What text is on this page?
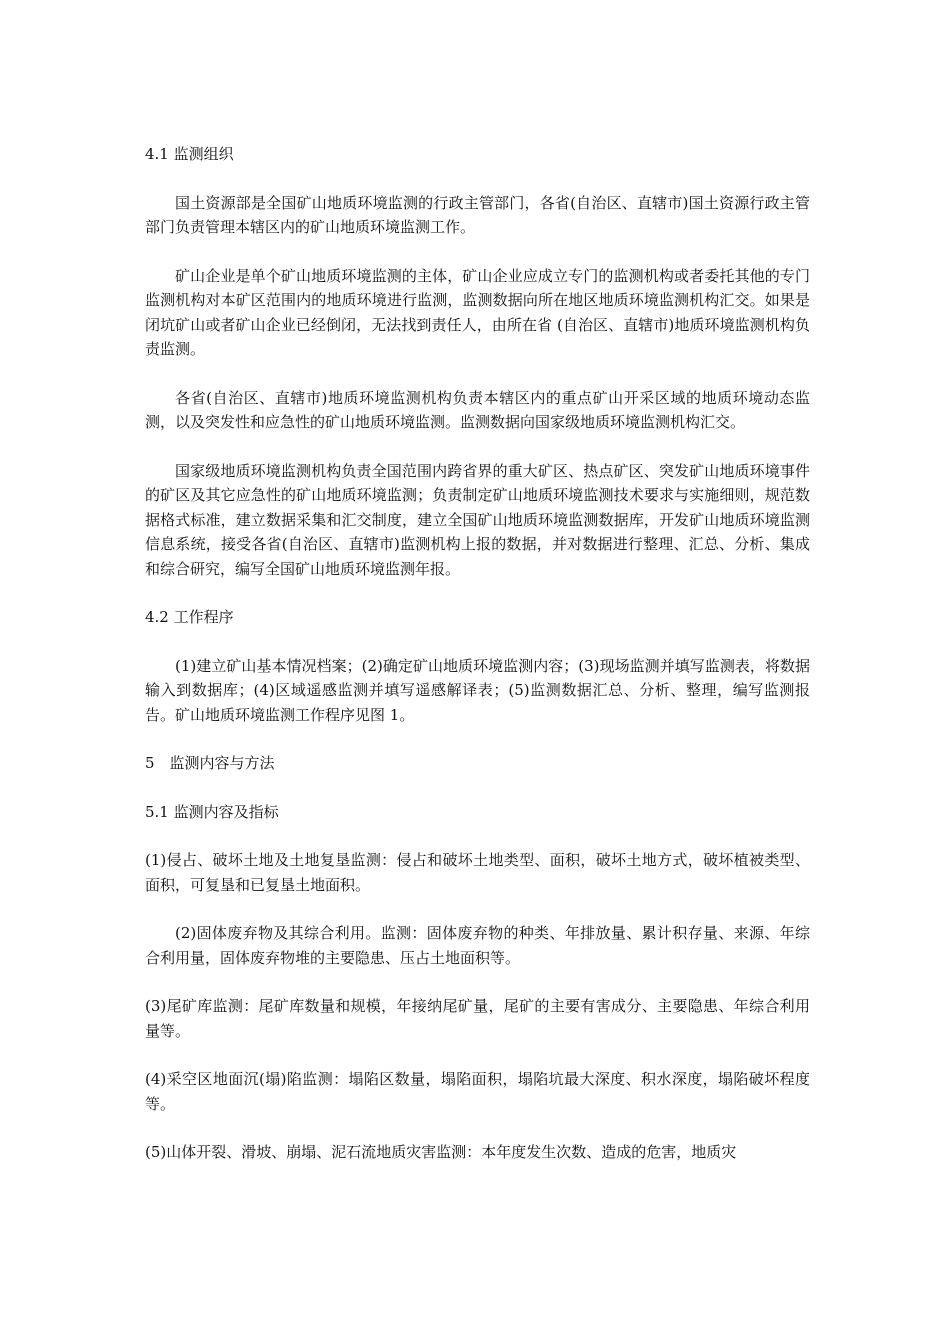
4.1 监测组织

国土资源部是全国矿山地质环境监测的行政主管部门，各省(自治区、直辖市)国土资源行政主管部门负责管理本辖区内的矿山地质环境监测工作。

矿山企业是单个矿山地质环境监测的主体，矿山企业应成立专门的监测机构或者委托其他的专门监测机构对本矿区范围内的地质环境进行监测，监测数据向所在地区地质环境监测机构汇交。如果是闭坑矿山或者矿山企业已经倒闭，无法找到责任人，由所在省 (自治区、直辖市)地质环境监测机构负责监测。

各省(自治区、直辖市)地质环境监测机构负责本辖区内的重点矿山开采区域的地质环境动态监测，以及突发性和应急性的矿山地质环境监测。监测数据向国家级地质环境监测机构汇交。

国家级地质环境监测机构负责全国范围内跨省界的重大矿区、热点矿区、突发矿山地质环境事件的矿区及其它应急性的矿山地质环境监测；负责制定矿山地质环境监测技术要求与实施细则，规范数据格式标准，建立数据采集和汇交制度，建立全国矿山地质环境监测数据库，开发矿山地质环境监测信息系统，接受各省(自治区、直辖市)监测机构上报的数据，并对数据进行整理、汇总、分析、集成和综合研究，编写全国矿山地质环境监测年报。

4.2 工作程序

(1)建立矿山基本情况档案；(2)确定矿山地质环境监测内容；(3)现场监测并填写监测表，将数据输入到数据库；(4)区域遥感监测并填写遥感解译表；(5)监测数据汇总、分析、整理，编写监测报告。矿山地质环境监测工作程序见图 1。

5　监测内容与方法

5.1 监测内容及指标

(1)侵占、破坏土地及土地复垦监测：侵占和破坏土地类型、面积，破坏土地方式，破坏植被类型、面积，可复垦和已复垦土地面积。

(2)固体废弃物及其综合利用。监测：固体废弃物的种类、年排放量、累计积存量、来源、年综合利用量，固体废弃物堆的主要隐患、压占土地面积等。

(3)尾矿库监测：尾矿库数量和规模，年接纳尾矿量，尾矿的主要有害成分、主要隐患、年综合利用量等。

(4)采空区地面沉(塌)陷监测：塌陷区数量，塌陷面积，塌陷坑最大深度、积水深度，塌陷破坏程度等。

(5)山体开裂、滑坡、崩塌、泥石流地质灾害监测：本年度发生次数、造成的危害，地质灾
